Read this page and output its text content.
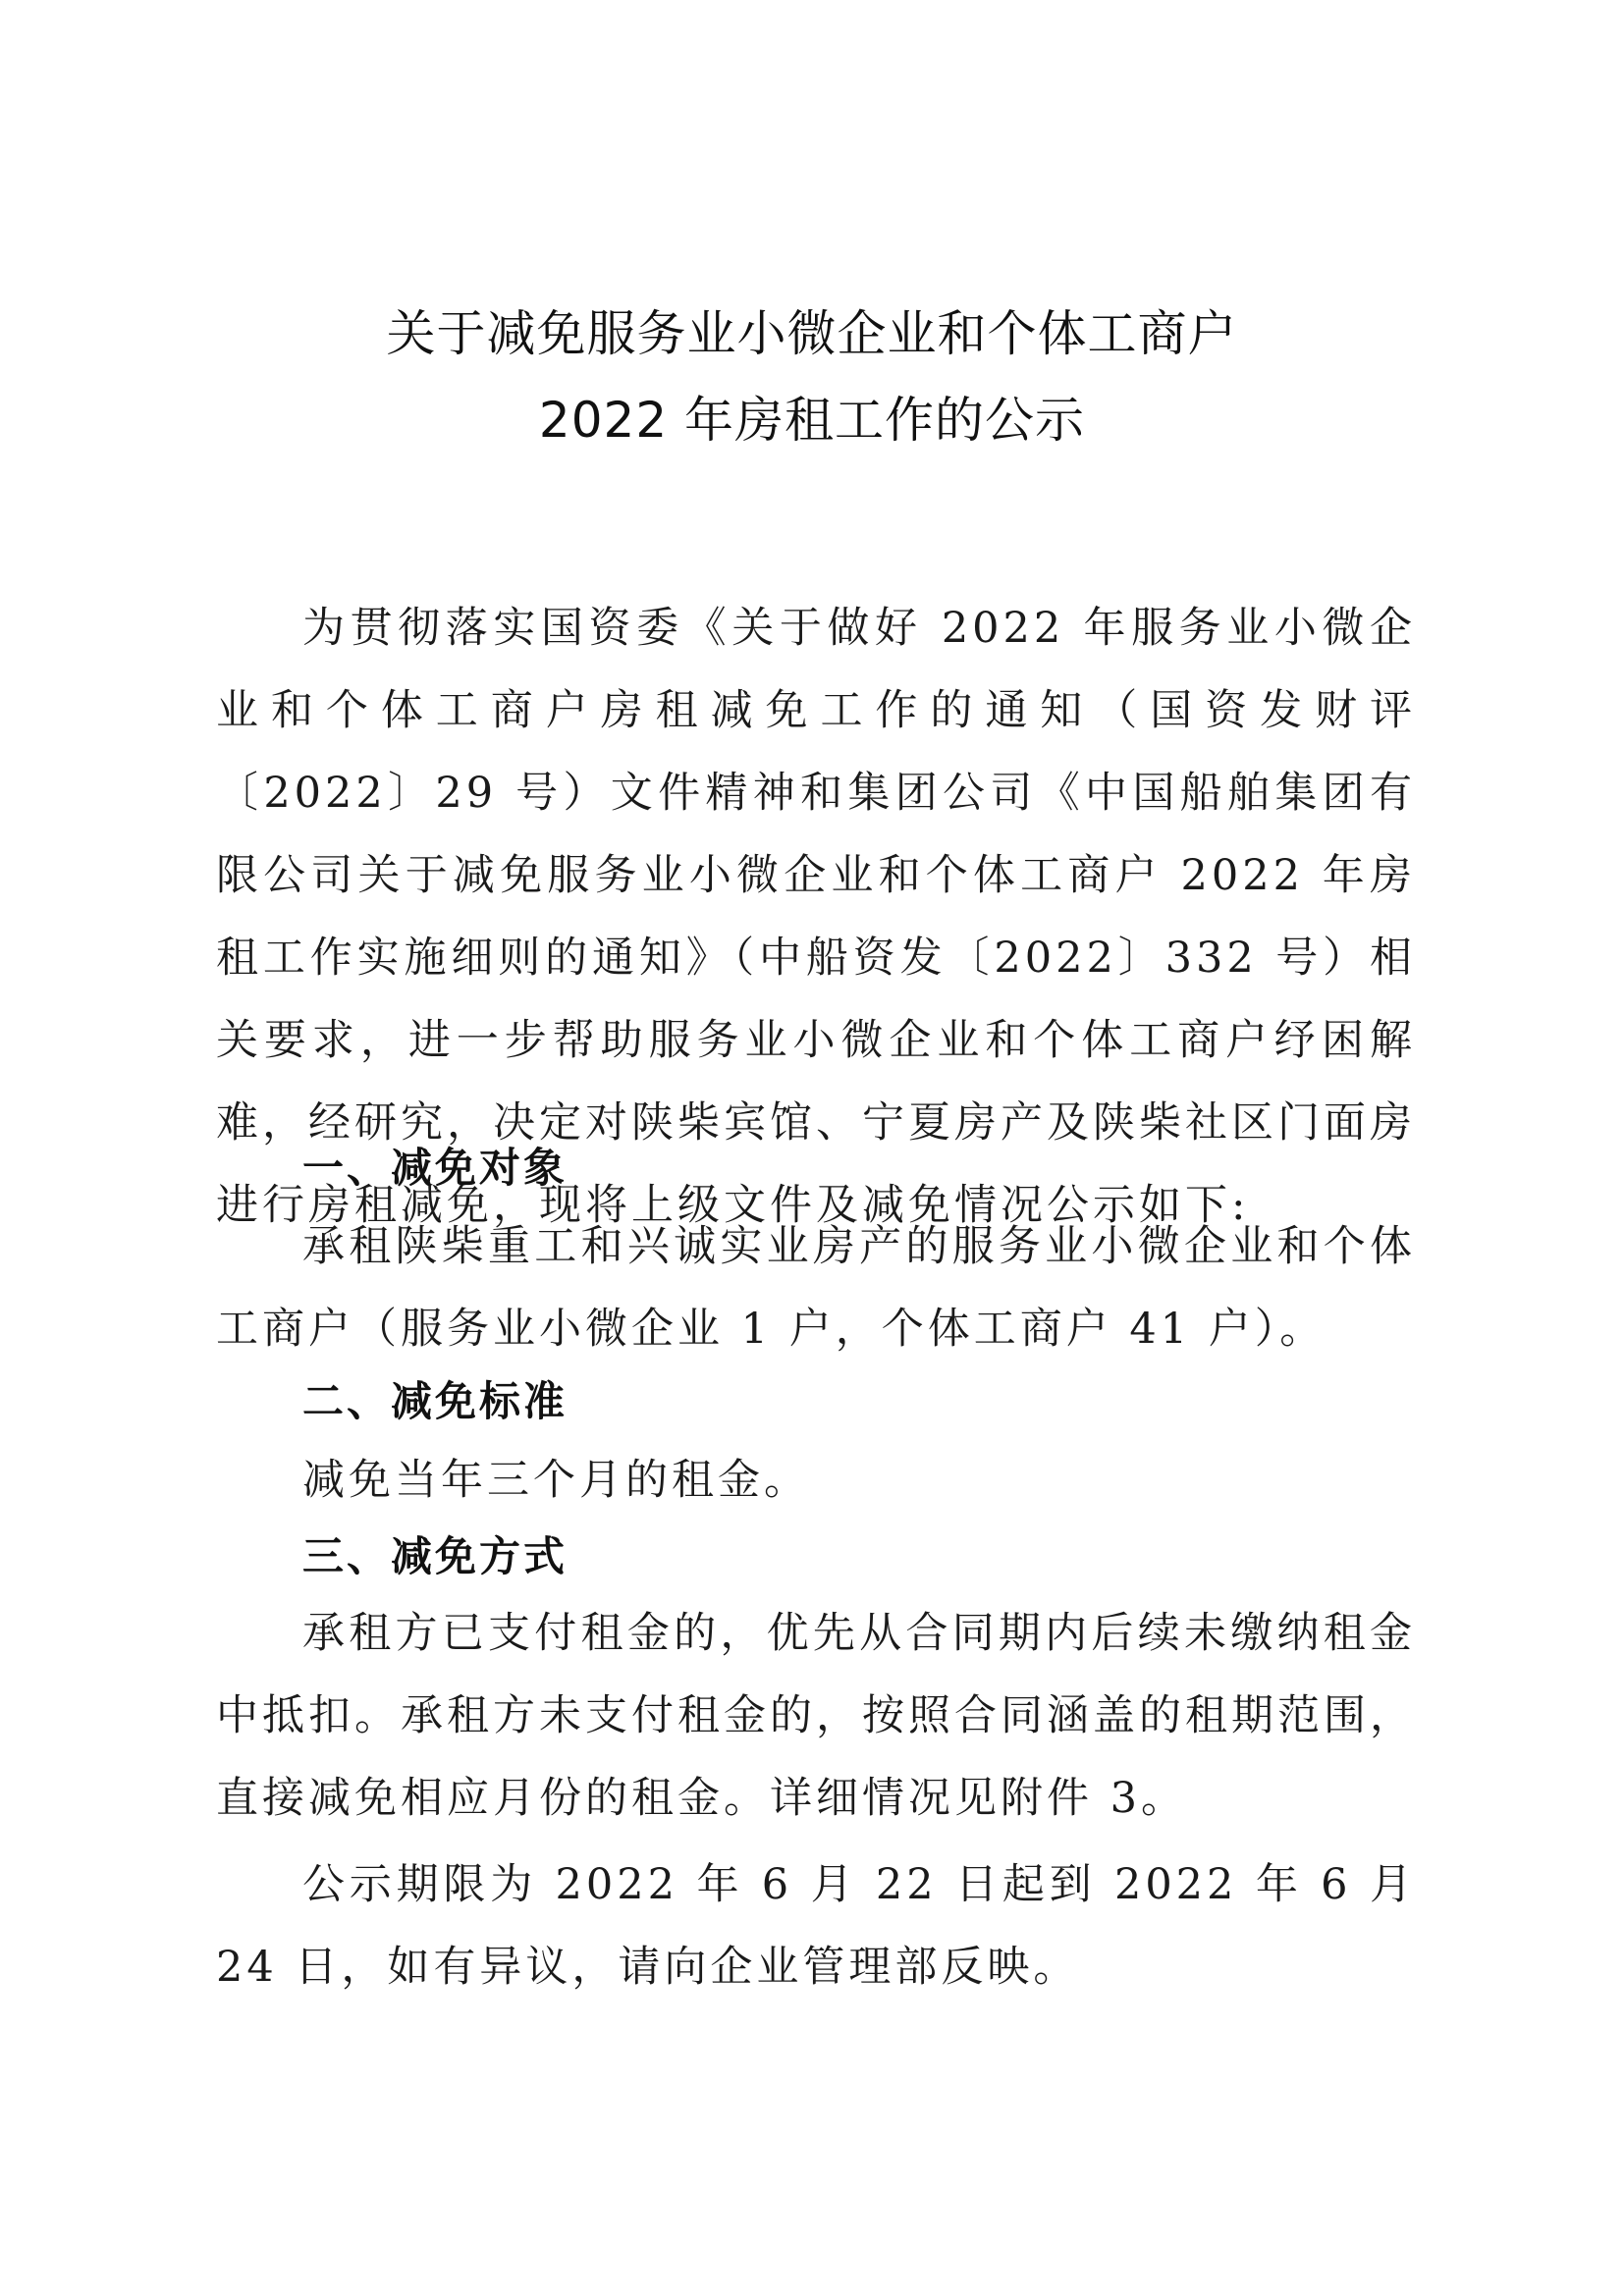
关于减免服务业小微企业和个体工商户
2022 年房租工作的公示

为贯彻落实国资委《关于做好 2022 年服务业小微企业和个体工商户房租减免工作的通知（国资发财评〔2022〕29 号）文件精神和集团公司《中国船舶集团有限公司关于减免服务业小微企业和个体工商户 2022 年房租工作实施细则的通知》（中船资发〔2022〕332 号）相关要求，进一步帮助服务业小微企业和个体工商户纾困解难，经研究，决定对陕柴宾馆、宁夏房产及陕柴社区门面房进行房租减免，现将上级文件及减免情况公示如下:

一、减免对象

承租陕柴重工和兴诚实业房产的服务业小微企业和个体工商户（服务业小微企业 1 户，个体工商户 41 户）。

二、减免标准

减免当年三个月的租金。

三、减免方式

承租方已支付租金的，优先从合同期内后续未缴纳租金中抵扣。承租方未支付租金的，按照合同涵盖的租期范围，直接减免相应月份的租金。详细情况见附件 3。

公示期限为 2022 年 6 月 22 日起到 2022 年 6 月 24 日，如有异议，请向企业管理部反映。
